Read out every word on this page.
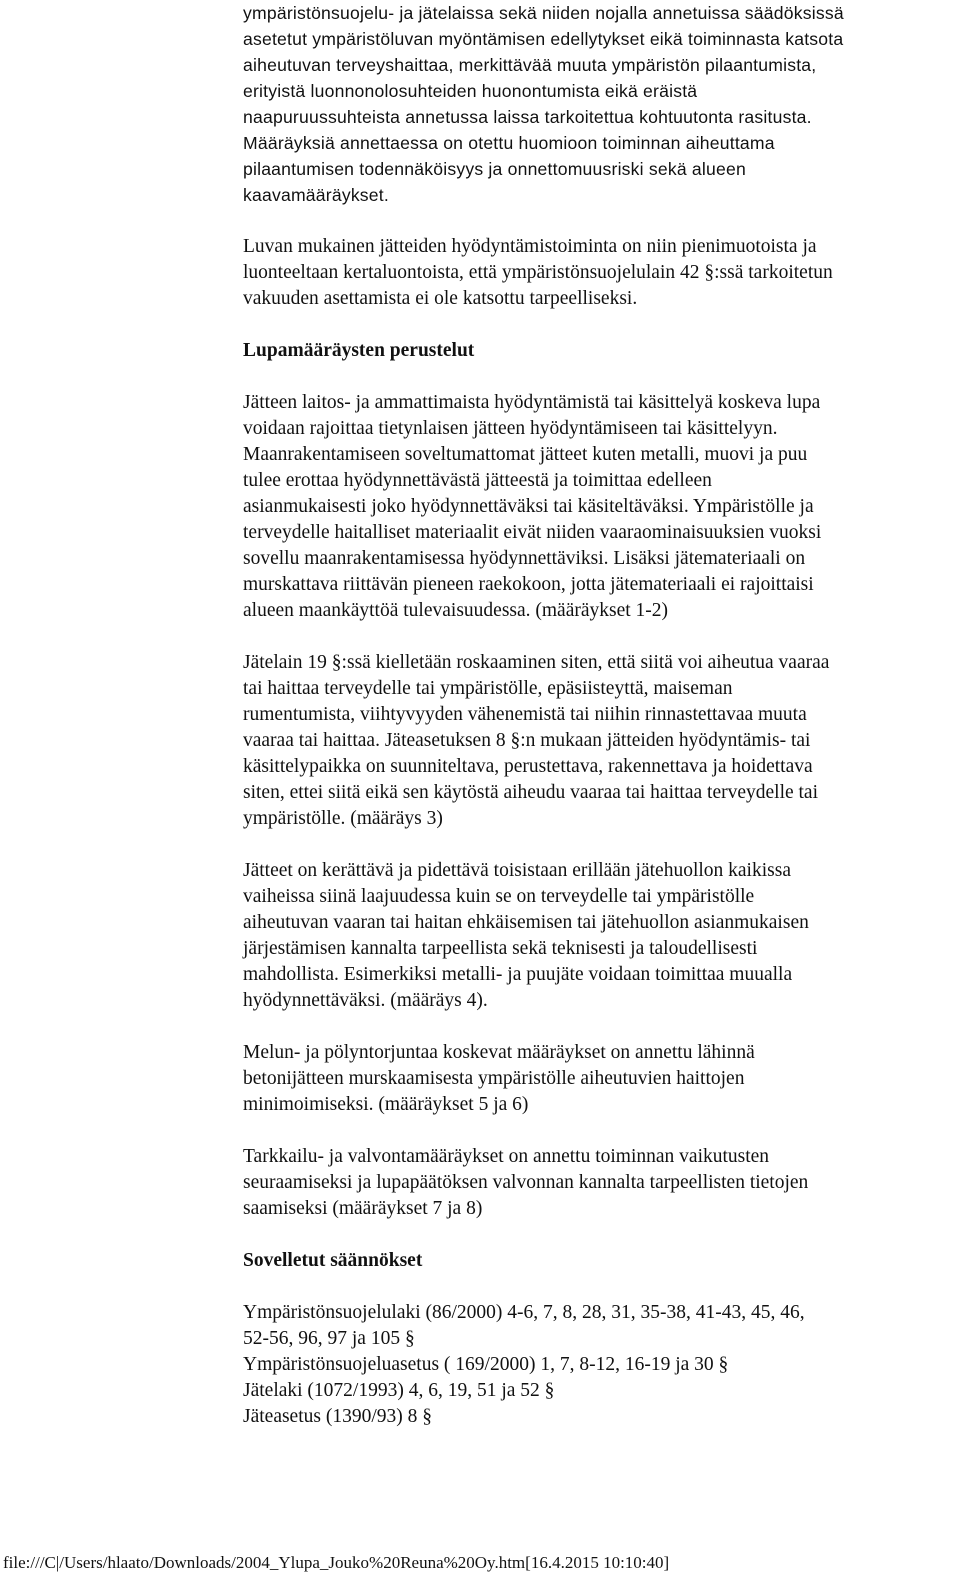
ympäristönsuojelu- ja jätelaissa sekä niiden nojalla annetuissa säädöksissä
asetetut ympäristöluvan myöntämisen edellytykset eikä toiminnasta katsota
aiheutuvan terveyshaittaa, merkittävää muuta ympäristön pilaantumista,
erityistä luonnonolosuhteiden huonontumista eikä eräistä
naapuruussuhteista annetussa laissa tarkoitettua kohtuutonta rasitusta.
Määräyksiä annettaessa on otettu huomioon toiminnan aiheuttama
pilaantumisen todennäköisyys ja onnettomuusriski sekä alueen
kaavamääräykset.
Luvan mukainen jätteiden hyödyntämistoiminta on niin pienimuotoista ja
luonteeltaan kertaluontoista, että ympäristönsuojelulain 42 §:ssä tarkoitetun
vakuuden asettamista ei ole katsottu tarpeelliseksi.
Lupamääräysten perustelut
Jätteen laitos- ja ammattimaista hyödyntämistä tai käsittelyä koskeva lupa
voidaan rajoittaa tietynlaisen jätteen hyödyntämiseen tai käsittelyyn.
Maanrakentamiseen soveltumattomat jätteet kuten metalli, muovi ja puu
tulee erottaa hyödynnettävästä jätteestä ja toimittaa edelleen
asianmukaisesti joko hyödynnettäväksi tai käsiteltäväksi. Ympäristölle ja
terveydelle haitalliset materiaalit eivät niiden vaaraominaisuuksien vuoksi
sovellu maanrakentamisessa hyödynnettäviksi. Lisäksi jätemateriaali on
murskattava riittävän pieneen raekokoon, jotta jätemateriaali ei rajoittaisi
alueen maankäyttöä tulevaisuudessa. (määräykset 1-2)
Jätelain 19 §:ssä kielletään roskaaminen siten, että siitä voi aiheutua vaaraa
tai haittaa terveydelle tai ympäristölle, epäsiisteyttä, maiseman
rumentumista, viihtyvyyden vähenemistä tai niihin rinnastettavaa muuta
vaaraa tai haittaa. Jäteasetuksen 8 §:n mukaan jätteiden hyödyntämis- tai
käsittelypaikka on suunniteltava, perustettava, rakennettava ja hoidettava
siten, ettei siitä eikä sen käytöstä aiheudu vaaraa tai haittaa terveydelle tai
ympäristölle. (määräys 3)
Jätteet on kerättävä ja pidettävä toisistaan erillään jätehuollon kaikissa
vaiheissa siinä laajuudessa kuin se on terveydelle tai ympäristölle
aiheutuvan vaaran tai haitan ehkäisemisen tai jätehuollon asianmukaisen
järjestämisen kannalta tarpeellista sekä teknisesti ja taloudellisesti
mahdollista. Esimerkiksi metalli- ja puujäte voidaan toimittaa muualla
hyödynnettäväksi. (määräys 4).
Melun- ja pölyntorjuntaa koskevat määräykset on annettu lähinnä
betonijätteen murskaamisesta ympäristölle aiheutuvien haittojen
minimoimiseksi. (määräykset 5 ja 6)
Tarkkailu- ja valvontamääräykset on annettu toiminnan vaikutusten
seuraamiseksi ja lupapäätöksen valvonnan kannalta tarpeellisten tietojen
saamiseksi (määräykset 7 ja 8)
Sovelletut säännökset
Ympäristönsuojelulaki (86/2000) 4-6, 7, 8, 28, 31, 35-38, 41-43, 45, 46,
52-56, 96, 97 ja 105 §
Ympäristönsuojeluasetus ( 169/2000) 1, 7, 8-12, 16-19 ja 30 §
Jätelaki (1072/1993) 4, 6, 19, 51 ja 52 §
Jäteasetus (1390/93) 8 §
file:///C|/Users/hlaato/Downloads/2004_Ylupa_Jouko%20Reuna%20Oy.htm[16.4.2015 10:10:40]
